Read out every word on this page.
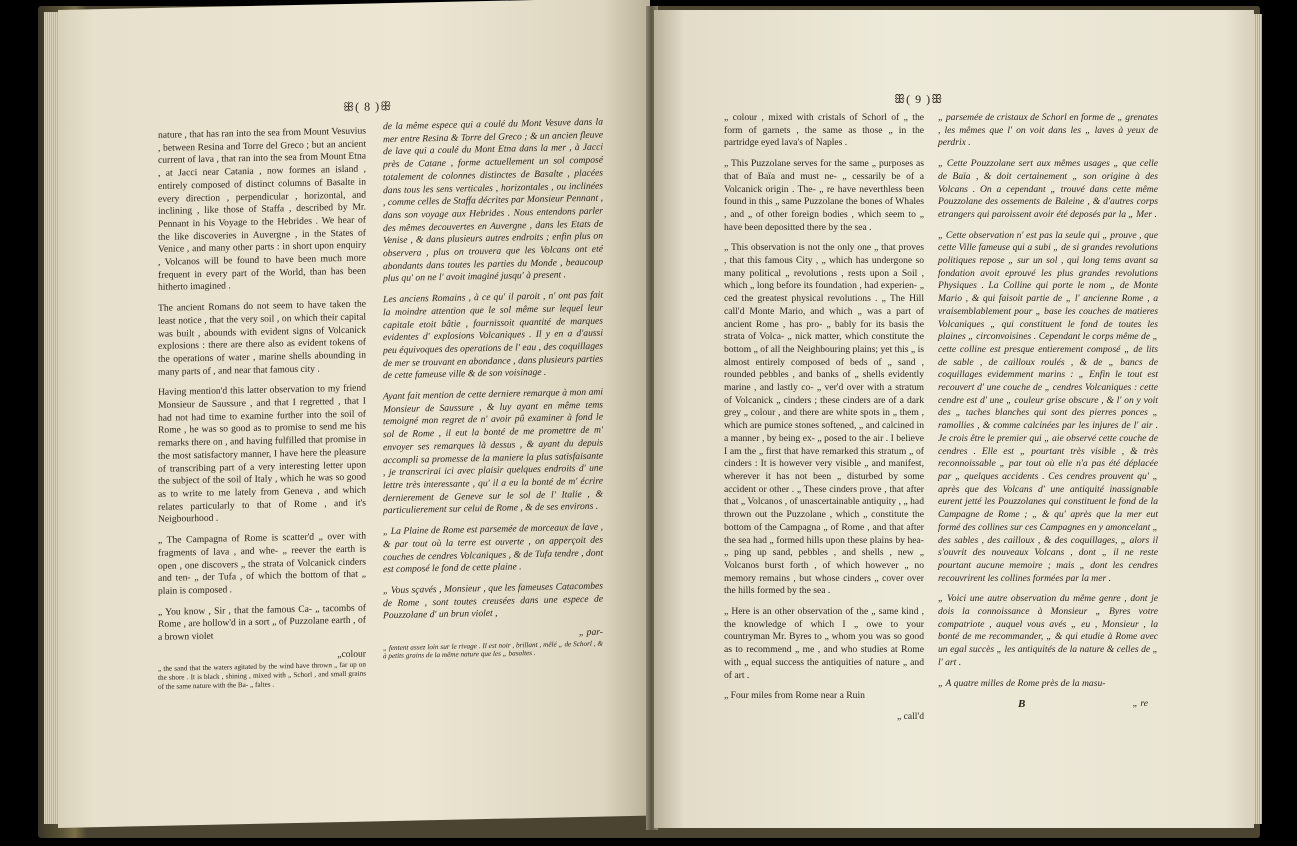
ꕥ( 8 )ꕥ

nature , that has ran into the sea from Mount Vesuvius , between Resina and Torre del Greco ; but an ancient current of lava , that ran into the sea from Mount Etna , at Jacci near Catania , now formes an island , entirely composed of distinct columns of Basalte in every direction , perpendicular , horizontal, and inclining , like those of Staffa , described by Mr. Pennant in his Voyage to the Hebrides . We hear of the like discoveries in Auvergne , in the States of Venice , and many other parts : in short upon enquiry , Volcanos will be found to have been much more frequent in every part of the World, than has been hitherto imagined .

The ancient Romans do not seem to have taken the least notice , that the very soil , on which their capital was built , abounds with evident signs of Volcanick explosions : there are there also as evident tokens of the operations of water , marine shells abounding in many parts of , and near that famous city .

Having mention'd this latter observation to my friend Monsieur de Saussure , and that I regretted , that I had not had time to examine further into the soil of Rome , he was so good as to promise to send me his remarks there on , and having fulfilled that promise in the most satisfactory manner, I have here the pleasure of transcribing part of a very interesting letter upon the subject of the soil of Italy , which he was so good as to write to me lately from Geneva , and which relates particularly to that of Rome , and it's Neigbourhood .

„ The Campagna of Rome is scatter'd „ over with fragments of lava , and whe- „ reever the earth is open , one discovers „ the strata of Volcanick cinders and ten- „ der Tufa , of which the bottom of that „ plain is composed .

„ You know , Sir , that the famous Ca- „ tacombs of Rome , are hollow'd in a sort „ of Puzzolane earth , of a brown violet

„colour
„ the sand that the waters agitated by the wind have thrown „ far up on the shore . It is black , shining , mixed with „ Schorl , and small grains of the same nature with the Ba- „ faltes .

de la même espece qui a coulé du Mont Vesuve dans la mer entre Resina & Torre del Greco ; & un ancien fleuve de lave qui a coulé du Mont Etna dans la mer , à Jacci près de Catane , forme actuellement un sol composé totalement de colonnes distinctes de Basalte , placées dans tous les sens verticales , horizontales , ou inclinées , comme celles de Staffa décrites par Monsieur Pennant , dans son voyage aux Hebrides . Nous entendons parler des mêmes decouvertes en Auvergne , dans les Etats de Venise , & dans plusieurs autres endroits ; enfin plus on observera , plus on trouvera que les Volcans ont eté abondants dans toutes les parties du Monde , beaucoup plus qu' on ne l' avoit imaginé jusqu' à present .

Les anciens Romains , à ce qu' il paroit , n' ont pas fait la moindre attention que le sol même sur lequel leur capitale etoit bâtie , fournissoit quantité de marques evidentes d' explosions Volcaniques . Il y en a d'aussi peu équivoques des operations de l' eau , des coquillages de mer se trouvant en abondance , dans plusieurs parties de cette fameuse ville & de son voisinage .

Ayant fait mention de cette derniere remarque à mon ami Monsieur de Saussure , & luy ayant en même tems temoigné mon regret de n' avoir pû examiner à fond le sol de Rome , il eut la bonté de me promettre de m' envoyer ses remarques là dessus , & ayant du depuis accompli sa promesse de la maniere la plus satisfaisante , je transcrirai ici avec plaisir quelques endroits d' une lettre très interessante , qu' il a eu la bonté de m' écrire dernierement de Geneve sur le sol de l' Italie , & particulierement sur celui de Rome , & de ses environs .

„ La Plaine de Rome est parsemée de morceaux de lave , & par tout où la terre est ouverte , on apperçoit des couches de cendres Volcaniques , & de Tufa tendre , dont est composé le fond de cette plaine .

„ Vous sçavés , Monsieur , que les fameuses Catacombes de Rome , sont toutes creusées dans une espece de Pouzzolane d' un brun violet ,

„ par-
„ fentent assez loin sur le rivage . Il est noir , brillant , mêlé „ de Schorl , & à petits grains de la même nature que les „ basaltes .
ꕥ( 9 )ꕥ

„ colour , mixed with cristals of Schorl of „ the form of garnets , the same as those „ in the partridge eyed lava's of Naples .

„ This Puzzolane serves for the same „ purposes as that of Baïa and must ne- „ cessarily be of a Volcanick origin . The- „ re have neverthless been found in this „ same Puzzolane the bones of Whales , and „ of other foreign bodies , which seem to „ have been depositted there by the sea .

„ This observation is not the only one „ that proves , that this famous City , „ which has undergone so many political „ revolutions , rests upon a Soil , which „ long before its foundation , had experien- „ ced the greatest physical revolutions . „ The Hill call'd Monte Mario, and which „ was a part of ancient Rome , has pro- „ bably for its basis the strata of Volca- „ nick matter, which constitute the bottom „ of all the Neighbouring plains; yet this „ is almost entirely composed of beds of „ sand , rounded pebbles , and banks of „ shells evidently marine , and lastly co- „ ver'd over with a stratum of Volcanick „ cinders ; these cinders are of a dark grey „ colour , and there are white spots in „ them , which are pumice stones softened, „ and calcined in a manner , by being ex- „ posed to the air . I believe I am the „ first that have remarked this stratum „ of cinders : It is however very visible „ and manifest, wherever it has not been „ disturbed by some accident or other . „ These cinders prove , that after that „ Volcanos , of unascertainable antiquity , „ had thrown out the Puzzolane , which „ constitute the bottom of the Campagna „ of Rome , and that after the sea had „ formed hills upon these plains by hea- „ ping up sand, pebbles , and shells , new „ Volcanos burst forth , of which however „ no memory remains , but whose cinders „ cover over the hills formed by the sea .

„ Here is an other observation of the „ same kind , the knowledge of which I „ owe to your countryman Mr. Byres to „ whom you was so good as to recommend „ me , and who studies at Rome with „ equal success the antiquities of nature „ and of art .

„ Four miles from Rome near a Ruin

„ call'd

„ parsemée de cristaux de Schorl en forme de „ grenates , les mêmes que l' on voit dans les „ laves à yeux de perdrix .

„ Cette Pouzzolane sert aux mêmes usages „ que celle de Baïa , & doit certainement „ son origine à des Volcans . On a cependant „ trouvé dans cette même Pouzzolane des ossements de Baleine , & d'autres corps etrangers qui paroissent avoir été deposés par la „ Mer .

„ Cette observation n' est pas la seule qui „ prouve , que cette Ville fameuse qui a subi „ de si grandes revolutions politiques repose „ sur un sol , qui long tems avant sa fondation avoit eprouvé les plus grandes revolutions Physiques . La Colline qui porte le nom „ de Monte Mario , & qui faisoit partie de „ l' ancienne Rome , a vraisemblablement pour „ base les couches de matieres Volcaniques „ qui constituent le fond de toutes les plaines „ circonvoisines . Cependant le corps même de „ cette colline est presque entierement composé „ de lits de sable , de cailloux roulés , & de „ bancs de coquillages evidemment marins : „ Enfin le tout est recouvert d' une couche de „ cendres Volcaniques : cette cendre est d' une „ couleur grise obscure , & l' on y voit des „ taches blanches qui sont des pierres ponces „ ramollies , & comme calcinées par les injures de l' air . Je crois être le premier qui „ aie observé cette couche de cendres . Elle est „ pourtant très visible , & très reconnoissable „ par tout où elle n'a pas été déplacée par „ quelques accidents . Ces cendres prouvent qu' „ après que des Volcans d' une antiquité inassignable eurent jetté les Pouzzolanes qui constituent le fond de la Campagne de Rome ; „ & qu' après que la mer eut formé des collines sur ces Campagnes en y amoncelant „ des sables , des cailloux , & des coquillages, „ alors il s'ouvrit des nouveaux Volcans , dont „ il ne reste pourtant aucune memoire ; mais „ dont les cendres recouvrirent les collines formées par la mer .

„ Voici une autre observation du même genre , dont je dois la connoissance à Monsieur „ Byres votre compatriote , auquel vous avés „ eu , Monsieur , la bonté de me recommander, „ & qui etudie à Rome avec un egal succès „ les antiquités de la nature & celles de „ l' art .

„ A quatre milles de Rome près de la masu-

B	„ re
